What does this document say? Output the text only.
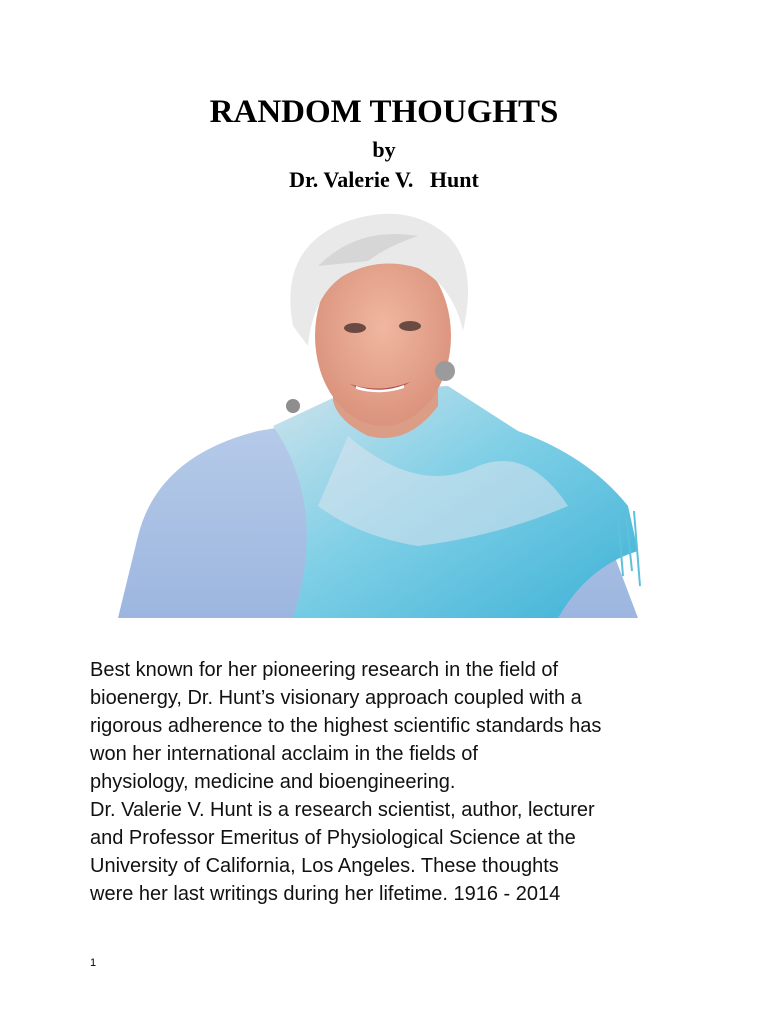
RANDOM THOUGHTS
by
Dr. Valerie V.   Hunt

Best known for her pioneering research in the field of
bioenergy, Dr. Hunt’s visionary approach coupled with a
rigorous adherence to the highest scientific standards has
won her international acclaim in the fields of
physiology, medicine and bioengineering.

Dr. Valerie V. Hunt is a research scientist, author, lecturer
and Professor Emeritus of Physiological Science at the
University of California, Los Angeles. These thoughts
were her last writings during her lifetime. 1916 - 2014

1
